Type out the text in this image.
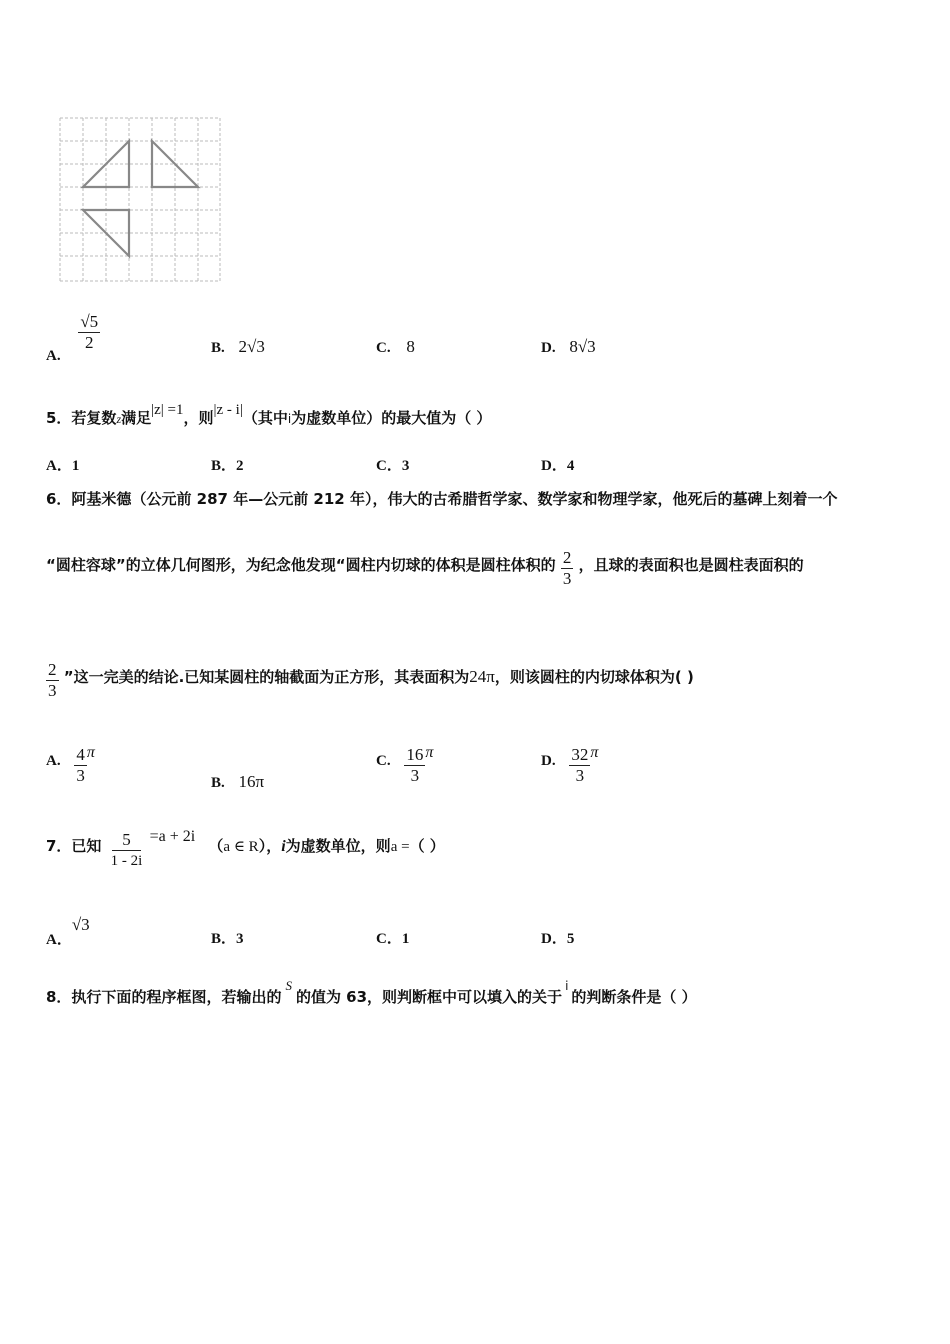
A.
$\frac{√5}{2}$	B. 2√3	C. 8	D. 8√3
5．若复数z满足|z| =1，则|z - i|（其中i为虚数单位）的最大值为（ ）
A．1	B．2	C．3	D．4
6．阿基米德（公元前 287 年—公元前 212 年），伟大的古希腊哲学家、数学家和物理学家，他死后的墓碑上刻着一个
“圆柱容球”的立体几何图形，为纪念他发现“圆柱内切球的体积是圆柱体积的 $\frac{2}{3}$ ，且球的表面积也是圆柱表面积的
$\frac{2}{3}$ ”这一完美的结论.已知某圆柱的轴截面为正方形，其表面积为24π，则该圆柱的内切球体积为( )
A. $\frac{4}{3}$ π
B. 16π
C. $\frac{16}{3}$ π	D. $\frac{32}{3}$ π
7．已知 $\frac{5}{1 - 2i} =a + 2i$ （a ∈ R），i为虚数单位，则a =（ ）
A．√3
B．3	C．1	D．5
8．执行下面的程序框图，若输出的S的值为 63，则判断框中可以填入的关于$^i$的判断条件是（ ）
